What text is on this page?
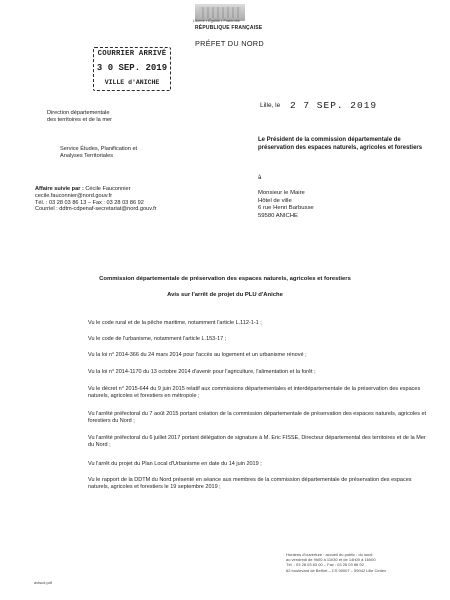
Liberté • Égalité • Fraternité
RÉPUBLIQUE FRANÇAISE
PRÉFET DU NORD
COURRIER ARRIVÉ
3 0 SEP. 2019
VILLE d'ANICHE
Direction départementale
des territoires et de la mer
Service Études, Planification et
Analyses Territoriales
Affaire suivie par : Cécile Fauconnier
cecile.fauconnier@nord.gouv.fr
Tél. : 03 28 03 86 13 – Fax : 03 28 03 86 92
Courriel : ddtm-cdpenaf-secretariat@nord.gouv.fr
Lille, le 2 7 SEP. 2019
Le Président de la commission départementale de préservation des espaces naturels, agricoles et forestiers
à
Monsieur le Maire
Hôtel de ville
6 rue Henri Barbusse
59580 ANICHE
Commission départementale de préservation des espaces naturels, agricoles et forestiers
Avis sur l'arrêt de projet du PLU d'Aniche
Vu le code rural et de la pêche maritime, notamment l'article L.112-1-1 ;
Vu le code de l'urbanisme, notamment l'article L.153-17 ;
Vu la loi n° 2014-366 du 24 mars 2014 pour l'accès au logement et un urbanisme rénové ;
Vu la loi n° 2014-1170 du 13 octobre 2014 d'avenir pour l'agriculture, l'alimentation et la forêt ;
Vu le décret n° 2015-644 du 9 juin 2015 relatif aux commissions départementales et interdépartementale de la préservation des espaces naturels, agricoles et forestiers en métropole ;
Vu l'arrêté préfectoral du 7 août 2015 portant création de la commission départementale de préservation des espaces naturels, agricoles et forestiers du Nord ;
Vu l'arrêté préfectoral du 6 juillet 2017 portant délégation de signature à M. Eric FISSE, Directeur départemental des territoires et de la Mer du Nord ;
Vu l'arrêt du projet du Plan Local d'Urbanisme en date du 14 juin 2019 ;
Vu le rapport de la DDTM du Nord présenté en séance aux membres de la commission départementale de préservation des espaces naturels, agricoles et forestiers le 19 septembre 2019 ;
Horaires d'ouverture : accueil du public : du lundi
au vendredi de 9h00 à 11h30 et de 14h00 à 16h00
Tél. : 03 28 03 83 00 – Fax : 03 28 03 86 92
62 boulevard de Belfort – CS 90007 – 59042 Lille Cedex
aviscd.pdf
